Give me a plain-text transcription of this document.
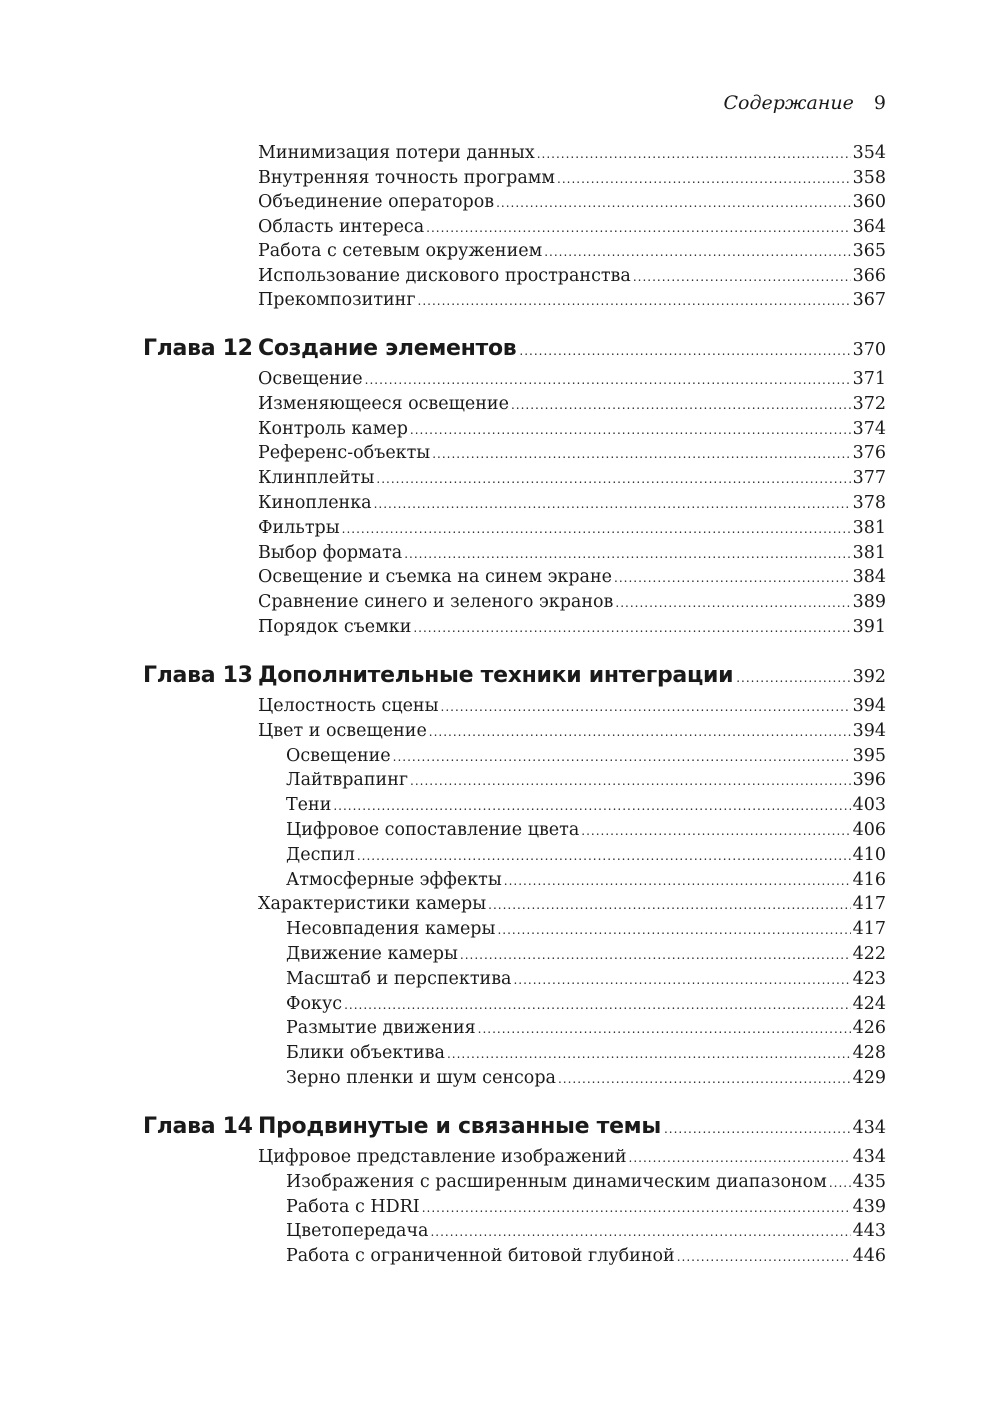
Содержание 9
Минимизация потери данных .....	354
Внутренняя точность программ .....	358
Объединение операторов .....	360
Область интереса .....	364
Работа с сетевым окружением .....	365
Использование дискового пространства .....	366
Прекомпозитинг .....	367
Глава 12 Создание элементов .....	370
Освещение .....	371
Изменяющееся освещение .....	372
Контроль камер .....	374
Референс-объекты .....	376
Клинплейты .....	377
Кинопленка .....	378
Фильтры .....	381
Выбор формата .....	381
Освещение и съемка на синем экране .....	384
Сравнение синего и зеленого экранов .....	389
Порядок съемки .....	391
Глава 13 Дополнительные техники интеграции .....	392
Целостность сцены .....	394
Цвет и освещение .....	394
Освещение .....	395
Лайтврапинг .....	396
Тени .....	403
Цифровое сопоставление цвета .....	406
Деспил .....	410
Атмосферные эффекты .....	416
Характеристики камеры .....	417
Несовпадения камеры .....	417
Движение камеры .....	422
Масштаб и перспектива .....	423
Фокус .....	424
Размытие движения .....	426
Блики объектива .....	428
Зерно пленки и шум сенсора .....	429
Глава 14 Продвинутые и связанные темы .....	434
Цифровое представление изображений .....	434
Изображения с расширенным динамическим диапазоном ..... 435
Работа с HDRI .....	439
Цветопередача .....	443
Работа с ограниченной битовой глубиной .....	446
